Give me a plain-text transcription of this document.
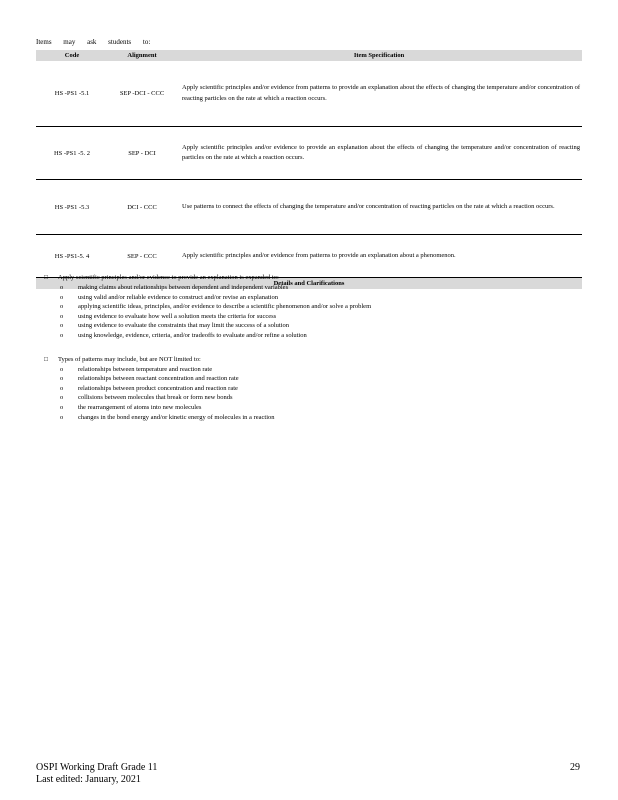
Items may ask students to:
Code	Alignment	Item Specification
HS -PS1 -5.1	SEP -DCI - CCC	Apply scientific principles and/or evidence from patterns to provide an explanation about the effects of changing the temperature and/or concentration of reacting particles on the rate at which a reaction occurs.
HS -PS1 -5. 2	SEP - DCI	Apply scientific principles and/or evidence to provide an explanation about the effects of changing the temperature and/or concentration of reacting particles on the rate at which a reaction occurs.
HS -PS1 -5.3	DCI - CCC	Use patterns to connect the effects of changing the temperature and/or concentration of reacting particles on the rate at which a reaction occurs.
HS -PS1-5. 4	SEP - CCC	Apply scientific principles and/or evidence from patterns to provide an explanation about a phenomenon.
Details and Clarifications		
□ Apply scientific principles and/or evidence to provide an explanation is expanded to:
o making claims about relationships between dependent and independent variables
o using valid and/or reliable evidence to construct and/or revise an explanation
o applying scientific ideas, principles, and/or evidence to describe a scientific phenomenon and/or solve a problem
o using evidence to evaluate how well a solution meets the criteria for success
o using evidence to evaluate the constraints that may limit the success of a solution
o using knowledge, evidence, criteria, and/or tradeoffs to evaluate and/or refine a solution
□ Types of patterns may include, but are NOT limited to:
o relationships between temperature and reaction rate
o relationships between reactant concentration and reaction rate
o relationships between product concentration and reaction rate
o collisions between molecules that break or form new bonds
o the rearrangement of atoms into new molecules
o changes in the bond energy and/or kinetic energy of molecules in a reaction
OSPI Working Draft Grade 11
Last edited: January, 2021
29
